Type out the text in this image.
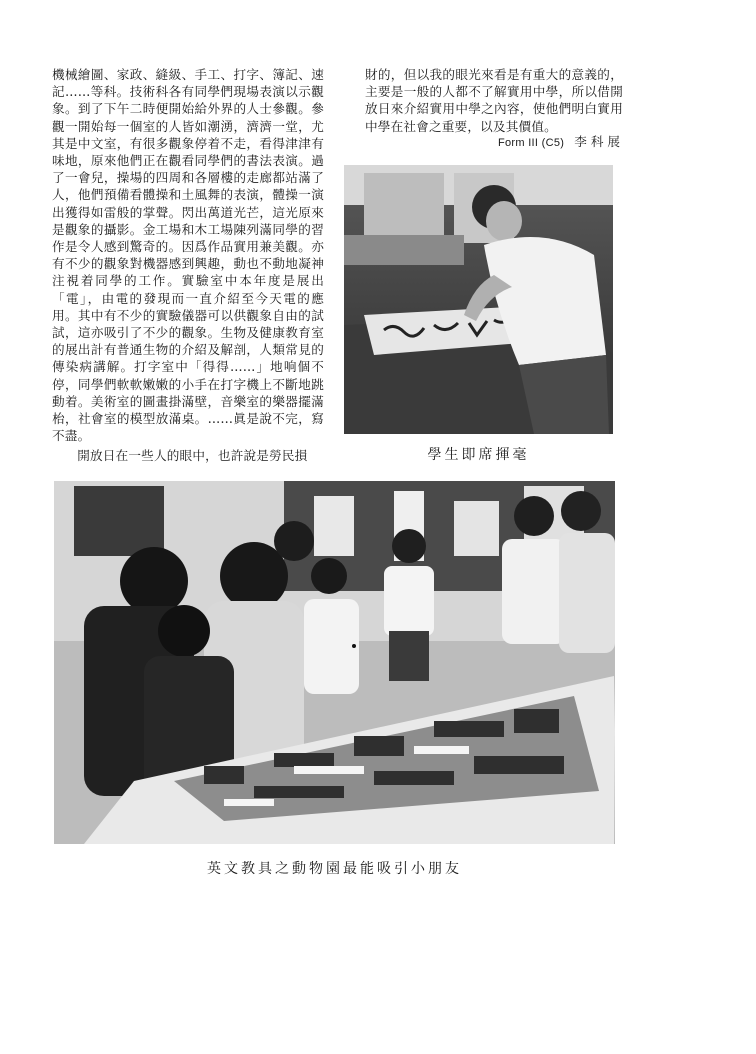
機械繪圖、家政、縫級、手工、打字、簿記、速記……等科。技術科各有同學們現場表演以示觀象。到了下午二時便開始給外界的人士參觀。參觀一開始每一個室的人皆如潮湧，濟濟一堂，尤其是中文室，有很多觀象停着不走，看得津津有味地，原來他們正在觀看同學們的書法表演。過了一會兒，操場的四周和各層樓的走廊都站滿了人，他們預備看體操和土風舞的表演，體操一演出獲得如雷般的掌聲。閃出萬道光芒，這光原來是觀象的攝影。金工場和木工場陳列滿同學的習作是令人感到驚奇的。因爲作品實用兼美觀。亦有不少的觀象對機器感到興趣，動也不動地凝神注視着同學的工作。實驗室中本年度是展出「電」，由電的發現而一直介紹至今天電的應用。其中有不少的實驗儀器可以供觀象自由的試試，這亦吸引了不少的觀象。生物及健康教育室的展出計有普通生物的介紹及解剖，人類常見的傳染病講解。打字室中「得得……」地响個不停，同學們軟軟嫩嫩的小手在打字機上不斷地跳動着。美術室的圖畫掛滿壁，音樂室的樂器擺滿枱，社會室的模型放滿桌。……眞是說不完，寫不盡。

開放日在一些人的眼中，也許說是勞民損

財的，但以我的眼光來看是有重大的意義的，主要是一般的人都不了解實用中學，所以借開放日來介紹實用中學之內容，使他們明白實用中學在社會之重要，以及其價值。

Form III (C5) 李科展
學生即席揮毫
英文教具之動物園最能吸引小朋友
